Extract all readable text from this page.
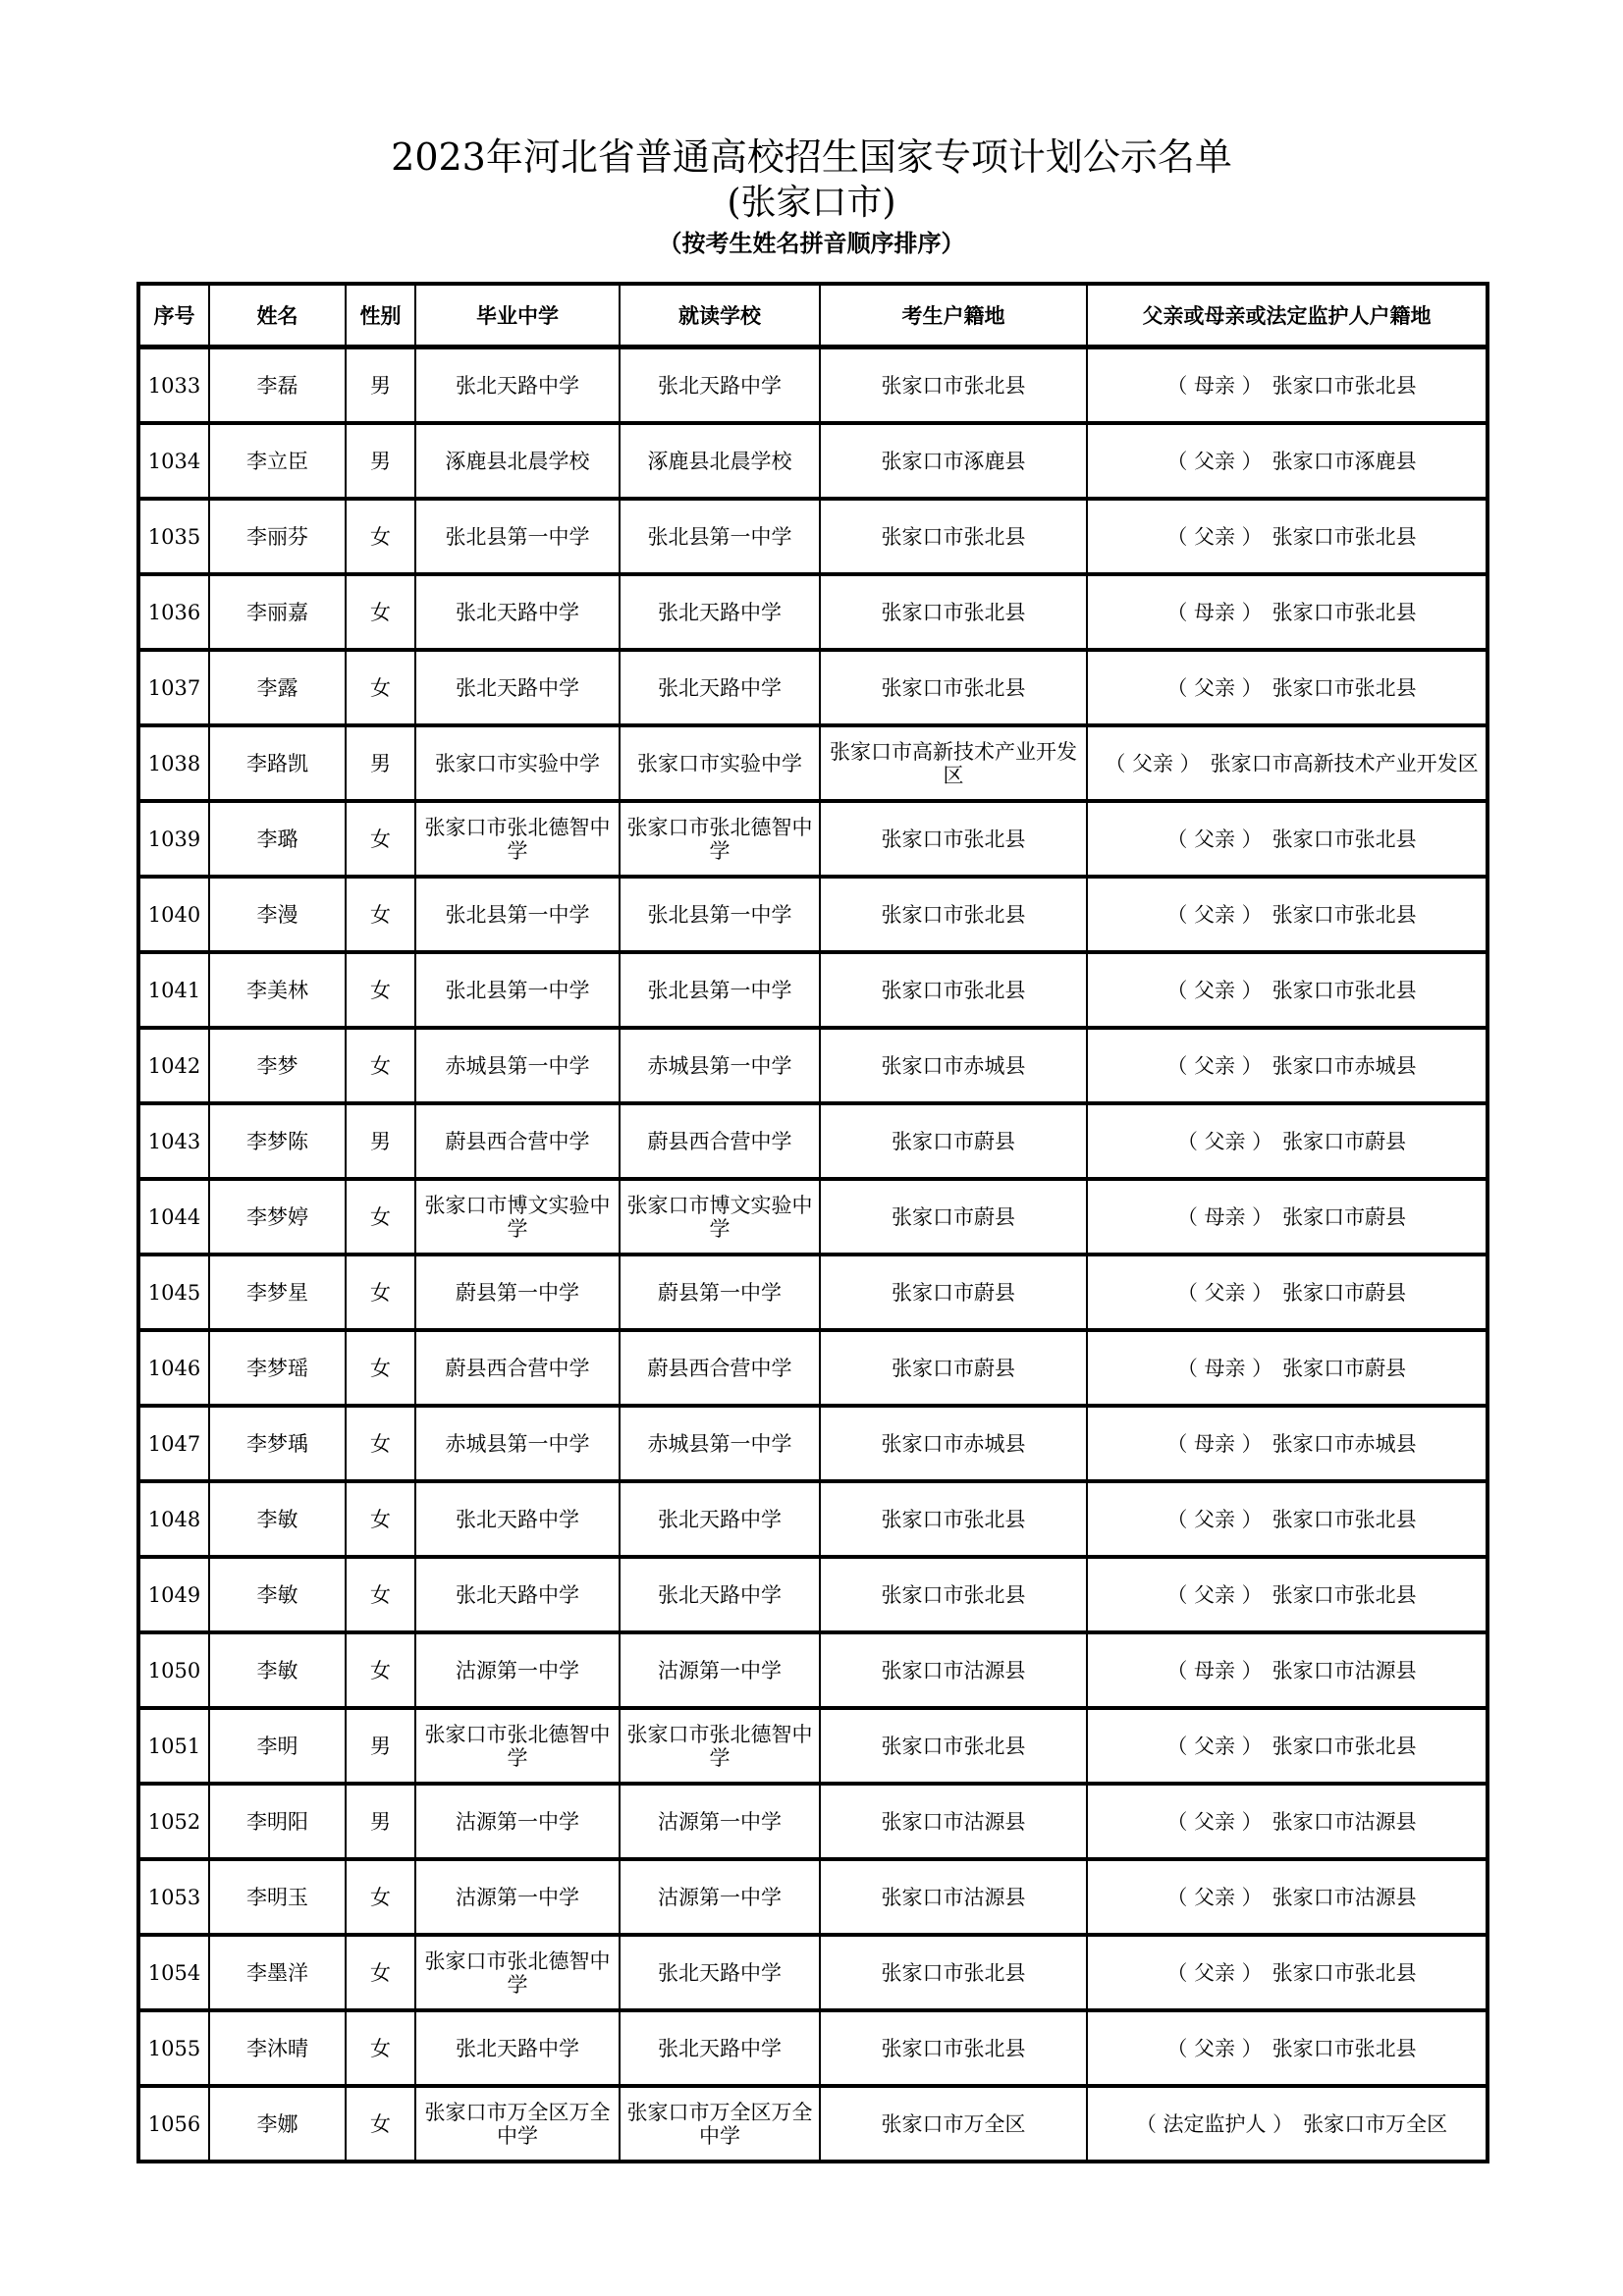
2023年河北省普通高校招生国家专项计划公示名单
(张家口市)
（按考生姓名拼音顺序排序）
序号	姓名	性别	毕业中学	就读学校	考生户籍地	父亲或母亲或法定监护人户籍地
1033	李磊	男	张北天路中学	张北天路中学	张家口市张北县	（ 母亲 ） 张家口市张北县
1034	李立臣	男	涿鹿县北晨学校	涿鹿县北晨学校	张家口市涿鹿县	（ 父亲 ） 张家口市涿鹿县
1035	李丽芬	女	张北县第一中学	张北县第一中学	张家口市张北县	（ 父亲 ） 张家口市张北县
1036	李丽嘉	女	张北天路中学	张北天路中学	张家口市张北县	（ 母亲 ） 张家口市张北县
1037	李露	女	张北天路中学	张北天路中学	张家口市张北县	（ 父亲 ） 张家口市张北县
1038	李路凯	男	张家口市实验中学	张家口市实验中学	张家口市高新技术产业开发区	（ 父亲 ） 张家口市高新技术产业开发区
1039	李璐	女	张家口市张北德智中学	张家口市张北德智中学	张家口市张北县	（ 父亲 ） 张家口市张北县
1040	李漫	女	张北县第一中学	张北县第一中学	张家口市张北县	（ 父亲 ） 张家口市张北县
1041	李美林	女	张北县第一中学	张北县第一中学	张家口市张北县	（ 父亲 ） 张家口市张北县
1042	李梦	女	赤城县第一中学	赤城县第一中学	张家口市赤城县	（ 父亲 ） 张家口市赤城县
1043	李梦陈	男	蔚县西合营中学	蔚县西合营中学	张家口市蔚县	（ 父亲 ） 张家口市蔚县
1044	李梦婷	女	张家口市博文实验中学	张家口市博文实验中学	张家口市蔚县	（ 母亲 ） 张家口市蔚县
1045	李梦星	女	蔚县第一中学	蔚县第一中学	张家口市蔚县	（ 父亲 ） 张家口市蔚县
1046	李梦瑶	女	蔚县西合营中学	蔚县西合营中学	张家口市蔚县	（ 母亲 ） 张家口市蔚县
1047	李梦瑀	女	赤城县第一中学	赤城县第一中学	张家口市赤城县	（ 母亲 ） 张家口市赤城县
1048	李敏	女	张北天路中学	张北天路中学	张家口市张北县	（ 父亲 ） 张家口市张北县
1049	李敏	女	张北天路中学	张北天路中学	张家口市张北县	（ 父亲 ） 张家口市张北县
1050	李敏	女	沽源第一中学	沽源第一中学	张家口市沽源县	（ 母亲 ） 张家口市沽源县
1051	李明	男	张家口市张北德智中学	张家口市张北德智中学	张家口市张北县	（ 父亲 ） 张家口市张北县
1052	李明阳	男	沽源第一中学	沽源第一中学	张家口市沽源县	（ 父亲 ） 张家口市沽源县
1053	李明玉	女	沽源第一中学	沽源第一中学	张家口市沽源县	（ 父亲 ） 张家口市沽源县
1054	李墨洋	女	张家口市张北德智中学	张北天路中学	张家口市张北县	（ 父亲 ） 张家口市张北县
1055	李沐晴	女	张北天路中学	张北天路中学	张家口市张北县	（ 父亲 ） 张家口市张北县
1056	李娜	女	张家口市万全区万全中学	张家口市万全区万全中学	张家口市万全区	（ 法定监护人 ） 张家口市万全区
